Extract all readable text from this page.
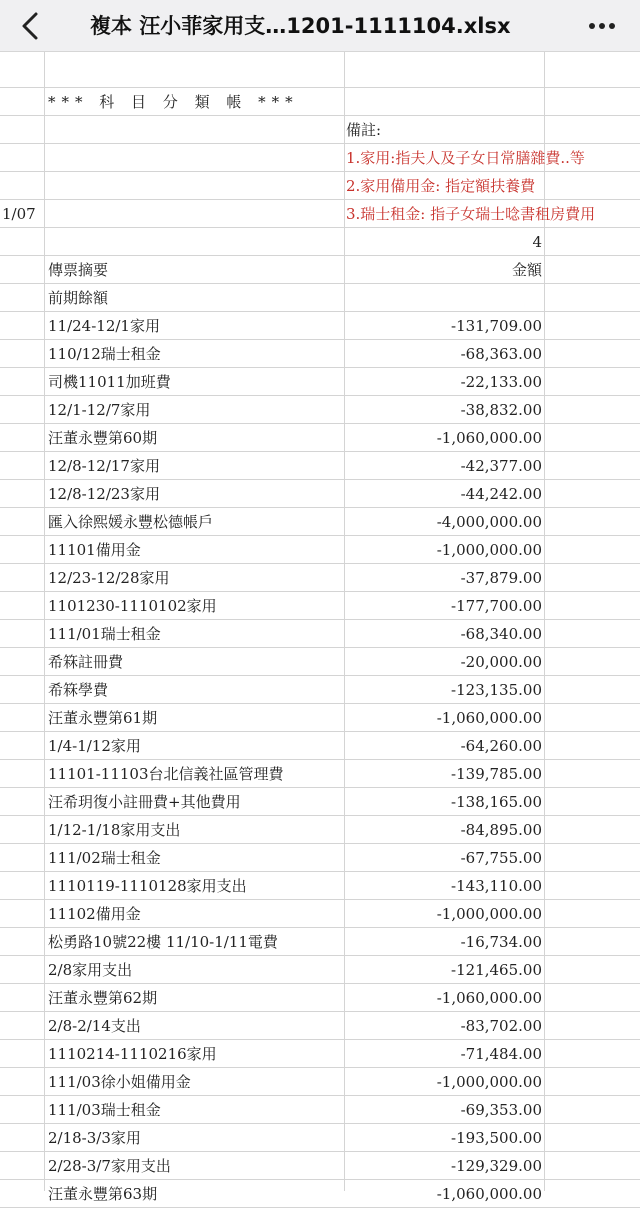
複本 汪小菲家用支…1201-1111104.xlsx
*** 科 目 分 類 帳 ***
備註:
1.家用:指夫人及子女日常膳雜費..等
2.家用備用金: 指定額扶養費
1/07	3.瑞士租金: 指子女瑞士唸書租房費用
4
傳票摘要	金額
前期餘額
11/24-12/1家用	-131,709.00
110/12瑞士租金	-68,363.00
司機11011加班費	-22,133.00
12/1-12/7家用	-38,832.00
汪董永豐第60期	-1,060,000.00
12/8-12/17家用	-42,377.00
12/8-12/23家用	-44,242.00
匯入徐熙媛永豐松德帳戶	-4,000,000.00
11101備用金	-1,000,000.00
12/23-12/28家用	-37,879.00
1101230-1110102家用	-177,700.00
111/01瑞士租金	-68,340.00
希箖註冊費	-20,000.00
希箖學費	-123,135.00
汪董永豐第61期	-1,060,000.00
1/4-1/12家用	-64,260.00
11101-11103台北信義社區管理費	-139,785.00
汪希玥復小註冊費+其他費用	-138,165.00
1/12-1/18家用支出	-84,895.00
111/02瑞士租金	-67,755.00
1110119-1110128家用支出	-143,110.00
11102備用金	-1,000,000.00
松勇路10號22樓 11/10-1/11電費	-16,734.00
2/8家用支出	-121,465.00
汪董永豐第62期	-1,060,000.00
2/8-2/14支出	-83,702.00
1110214-1110216家用	-71,484.00
111/03徐小姐備用金	-1,000,000.00
111/03瑞士租金	-69,353.00
2/18-3/3家用	-193,500.00
2/28-3/7家用支出	-129,329.00
汪董永豐第63期	-1,060,000.00
